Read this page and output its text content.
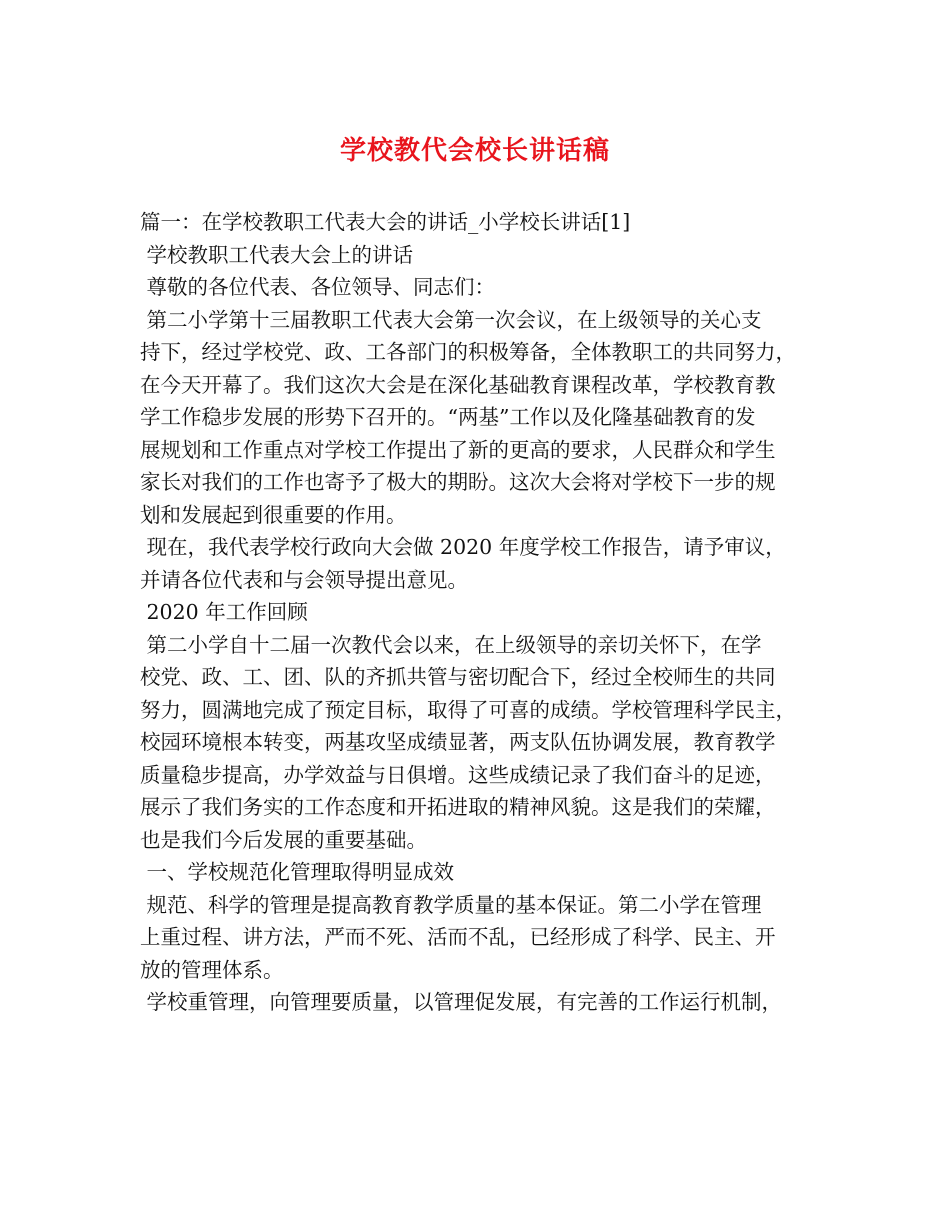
学校教代会校长讲话稿
篇一：在学校教职工代表大会的讲话_小学校长讲话[1]
学校教职工代表大会上的讲话
尊敬的各位代表、各位领导、同志们：
第二小学第十三届教职工代表大会第一次会议，在上级领导的关心支
持下，经过学校党、政、工各部门的积极筹备，全体教职工的共同努力，
在今天开幕了。我们这次大会是在深化基础教育课程改革，学校教育教
学工作稳步发展的形势下召开的。“两基”工作以及化隆基础教育的发
展规划和工作重点对学校工作提出了新的更高的要求，人民群众和学生
家长对我们的工作也寄予了极大的期盼。这次大会将对学校下一步的规
划和发展起到很重要的作用。
现在，我代表学校行政向大会做 2020 年度学校工作报告，请予审议，
并请各位代表和与会领导提出意见。
2020 年工作回顾
第二小学自十二届一次教代会以来，在上级领导的亲切关怀下，在学
校党、政、工、团、队的齐抓共管与密切配合下，经过全校师生的共同
努力，圆满地完成了预定目标，取得了可喜的成绩。学校管理科学民主，
校园环境根本转变，两基攻坚成绩显著，两支队伍协调发展，教育教学
质量稳步提高，办学效益与日俱增。这些成绩记录了我们奋斗的足迹，
展示了我们务实的工作态度和开拓进取的精神风貌。这是我们的荣耀，
也是我们今后发展的重要基础。
一、学校规范化管理取得明显成效
规范、科学的管理是提高教育教学质量的基本保证。第二小学在管理
上重过程、讲方法，严而不死、活而不乱，已经形成了科学、民主、开
放的管理体系。
学校重管理，向管理要质量，以管理促发展，有完善的工作运行机制，
